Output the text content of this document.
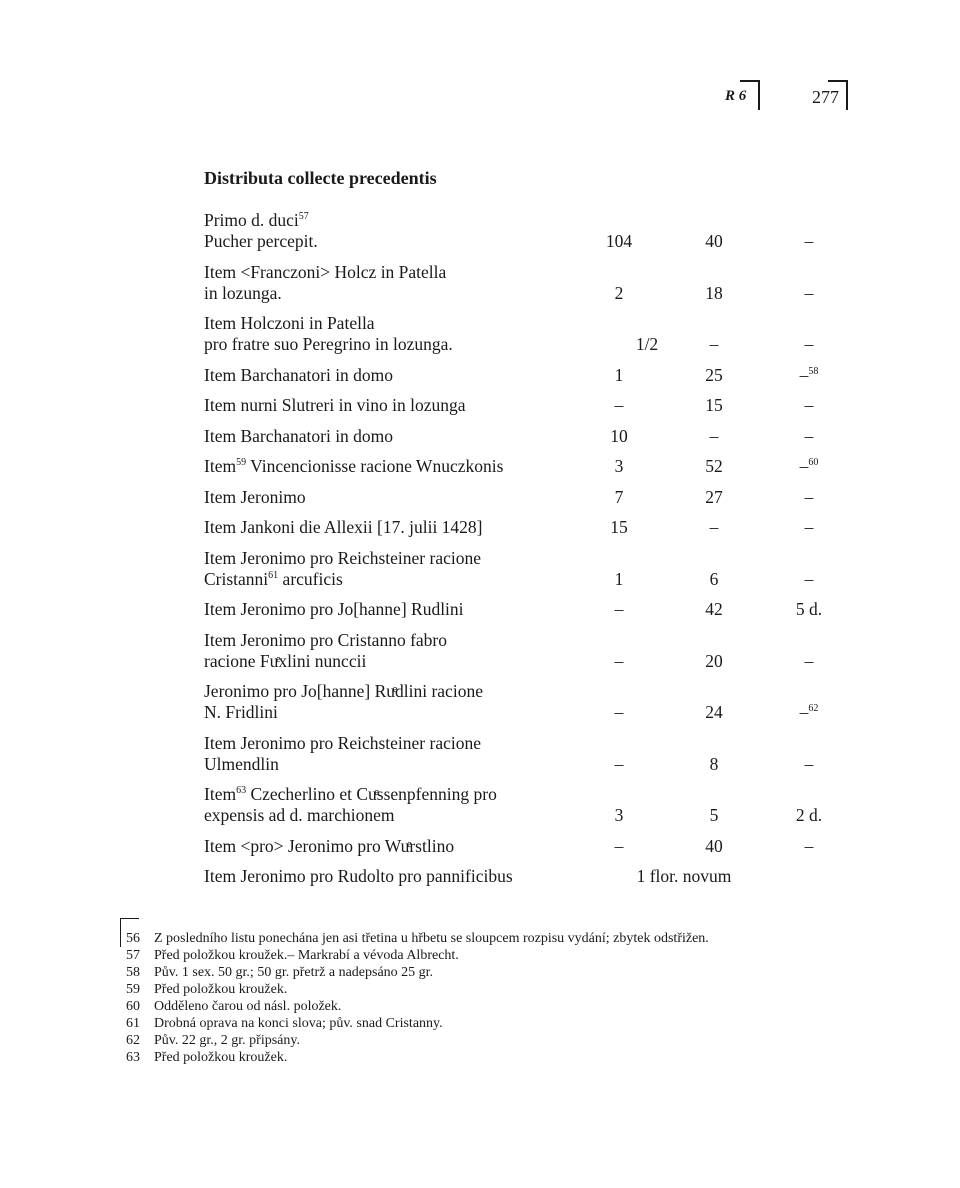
R 6	277
Distributa collecte precedentis
Primo d. duci$^{57}$
Pucher percepit.	104	40	–
Item <Franczoni> Holcz in Patella
in lozunga.	2	18	–
Item Holczoni in Patella
pro fratre suo Peregrino in lozunga.	1/2	–	–
Item Barchanatori in domo	1	25	–$^{58}$
Item nurni Slutreri in vino in lozunga	–	15	–
Item Barchanatori in domo	10	–	–
Item$^{59}$ Vincencionisse racione Wnuczkonis	3	52	–$^{60}$
Item Jeronimo	7	27	–
Item Jankoni die Allexii [17. julii 1428]	15	–	–
Item Jeronimo pro Reichsteiner racione
Cristanni$^{61}$ arcuficis	1	6	–
Item Jeronimo pro Jo[hanne] Rudlini	–	42	5 d.
Item Jeronimo pro Cristanno fabro
racione Fuͤxlini nunccii	–	20	–
Jeronimo pro Jo[hanne] Ruͤdlini racione
N. Fridlini	–	24	–$^{62}$
Item Jeronimo pro Reichsteiner racione
Ulmendlin	–	8	–
Item$^{63}$ Czecherlino et Cuͤssenpfenning pro
expensis ad d. marchionem	3	5	2 d.
Item <pro> Jeronimo pro Wuͤrstlino	–	40	–
Item Jeronimo pro Rudolto pro pannificibus	1 flor. novum
56 Z posledního listu ponechána jen asi třetina u hřbetu se sloupcem rozpisu vydání; zbytek odstřižen.
57 Před položkou kroužek.– Markrabí a vévoda Albrecht.
58 Pův. 1 sex. 50 gr.; 50 gr. přetrž a nadepsáno 25 gr.
59 Před položkou kroužek.
60 Odděleno čarou od násl. položek.
61 Drobná oprava na konci slova; pův. snad Cristanny.
62 Pův. 22 gr., 2 gr. připsány.
63 Před položkou kroužek.
